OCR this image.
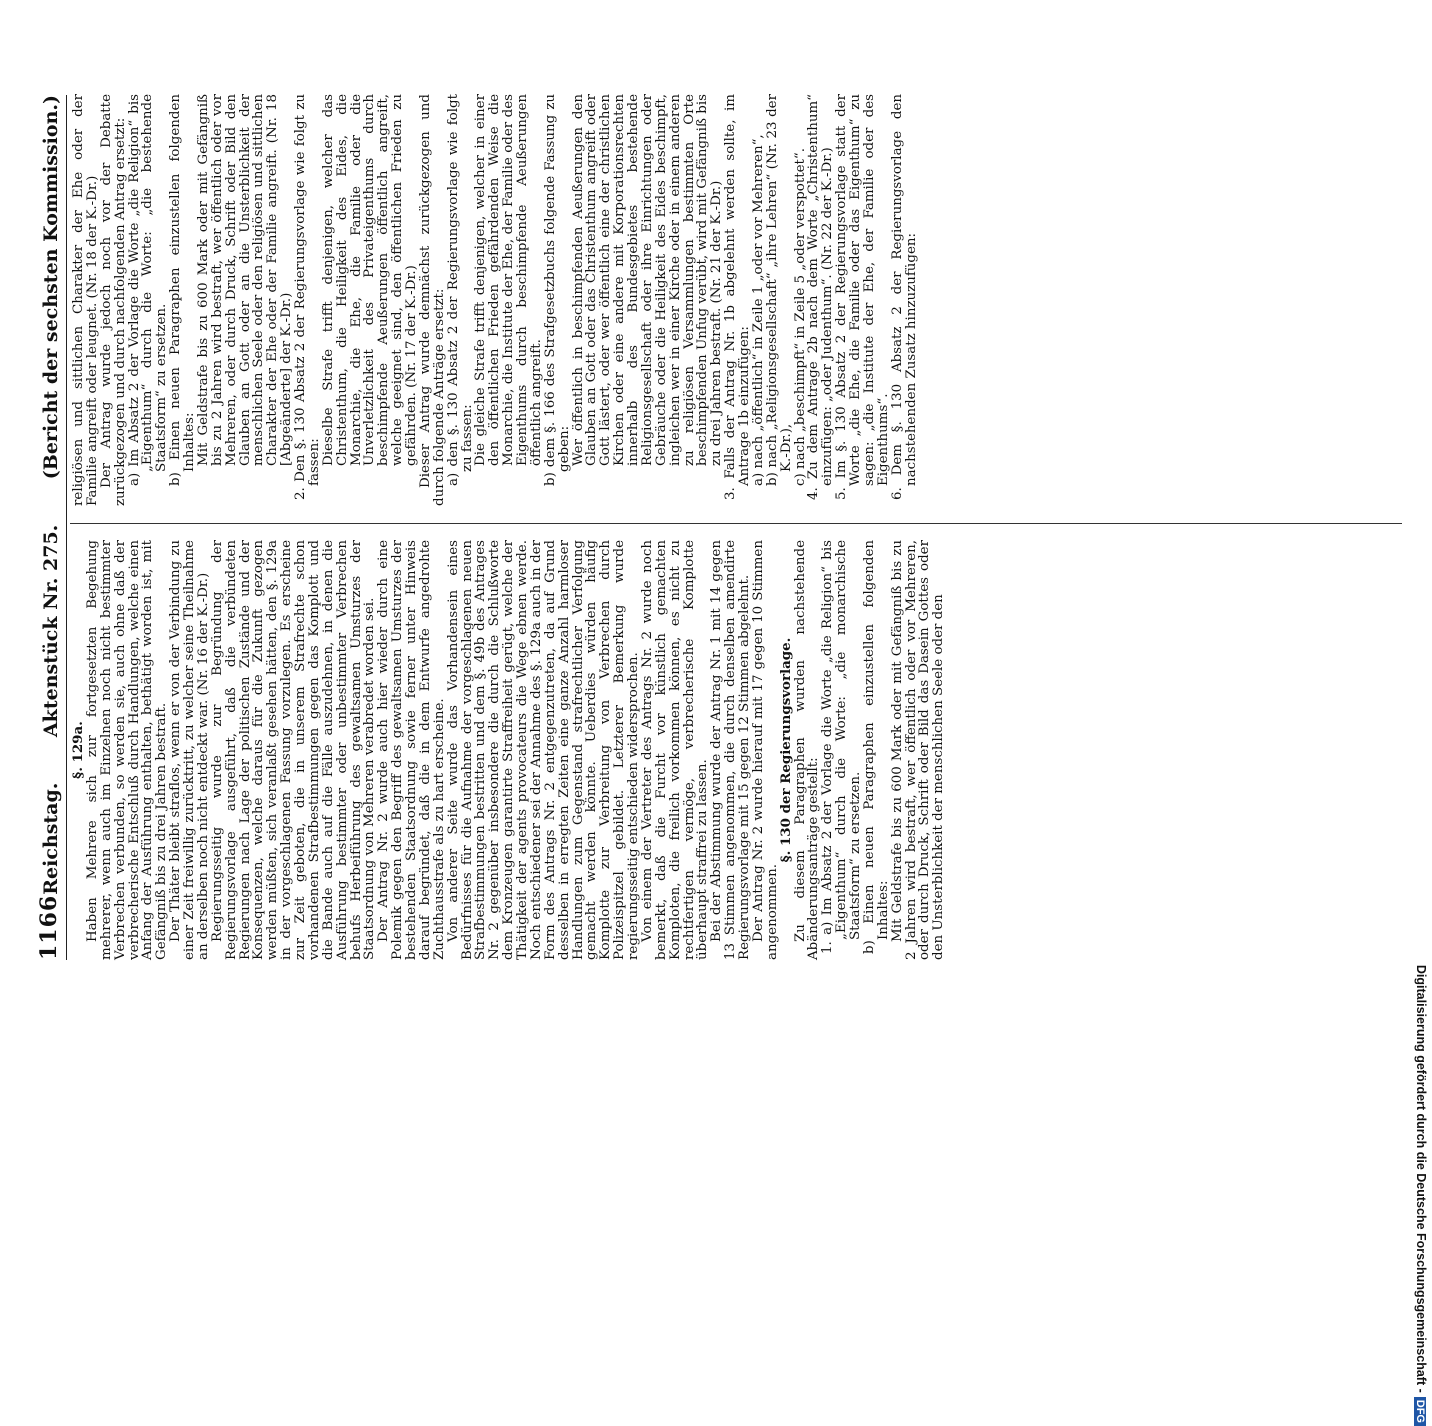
1166
Reichstag.
Aktenstück Nr. 275.
(Bericht der sechsten Kommission.)

§. 129a.

Haben Mehrere sich zur fortgesetzten Begehung mehrerer, wenn auch im Einzelnen noch nicht bestimmter Verbrechen verbunden, so werden sie, auch ohne daß der verbrecherische Entschluß durch Handlungen, welche einen Anfang der Ausführung enthalten, bethätigt worden ist, mit Gefängniß bis zu drei Jahren bestraft.

Der Thäter bleibt straflos, wenn er von der Verbindung zu einer Zeit freiwillig zurücktritt, zu welcher seine Theilnahme an derselben noch nicht entdeckt war. (Nr. 16 der K.-Dr.)

Regierungsseitig wurde zur Begründung der Regierungsvorlage ausgeführt, daß die verbündeten Regierungen nach Lage der politischen Zustände und der Konsequenzen, welche daraus für die Zukunft gezogen werden müßten, sich veranlaßt gesehen hätten, den §. 129a in der vorgeschlagenen Fassung vorzulegen. Es erscheine zur Zeit geboten, die in unserem Strafrechte schon vorhandenen Strafbestimmungen gegen das Komplott und die Bande auch auf die Fälle auszudehnen, in denen die Ausführung bestimmter oder unbestimmter Verbrechen behufs Herbeiführung des gewaltsamen Umsturzes der Staatsordnung von Mehreren verabredet worden sei.

Der Antrag Nr. 2 wurde auch hier wieder durch eine Polemik gegen den Begriff des gewaltsamen Umsturzes der bestehenden Staatsordnung sowie ferner unter Hinweis darauf begründet, daß die in dem Entwurfe angedrohte Zuchthausstrafe als zu hart erscheine.

Von anderer Seite wurde das Vorhandensein eines Bedürfnisses für die Aufnahme der vorgeschlagenen neuen Strafbestimmungen bestritten und dem §. 49b des Antrages Nr. 2 gegenüber insbesondere die durch die Schlußworte dem Kronzeugen garantirte Straffreiheit gerügt, welche der Thätigkeit der agents provocateurs die Wege ebnen werde. Noch entschiedener sei der Annahme des §. 129a auch in der Form des Antrags Nr. 2 entgegenzutreten, da auf Grund desselben in erregten Zeiten eine ganze Anzahl harmloser Handlungen zum Gegenstand strafrechtlicher Verfolgung gemacht werden könnte. Ueberdies würden häufig Komplotte zur Verbreitung von Verbrechen durch Polizeispitzel gebildet. Letzterer Bemerkung wurde regierungsseitig entschieden widersprochen.

Von einem der Vertreter des Antrags Nr. 2 wurde noch bemerkt, daß die Furcht vor künstlich gemachten Komploten, die freilich vorkommen können, es nicht zu rechtfertigen vermöge, verbrecherische Komplotte überhaupt straffrei zu lassen.

Bei der Abstimmung wurde der Antrag Nr. 1 mit 14 gegen 13 Stimmen angenommen, die durch denselben amendirte Regierungsvorlage mit 15 gegen 12 Stimmen abgelehnt.

Der Antrag Nr. 2 wurde hierauf mit 17 gegen 10 Stimmen angenommen.

§. 130 der Regierungsvorlage.

Zu diesem Paragraphen wurden nachstehende Abänderungsanträge gestellt:

1. a) Im Absatz 2 der Vorlage die Worte „die Religion“ bis „Eigenthum“ durch die Worte: „die monarchische Staatsform“ zu ersetzen.

b) Einen neuen Paragraphen einzustellen folgenden Inhaltes:

Mit Geldstrafe bis zu 600 Mark oder mit Gefängniß bis zu 2 Jahren wird bestraft, wer öffentlich oder vor Mehreren, oder durch Druck, Schrift oder Bild das Dasein Gottes oder den Unsterblichkeit der menschlichen Seele oder den

religiösen und sittlichen Charakter der Ehe oder der Familie angreift oder leugnet. (Nr. 18 der K.-Dr.)

Der Antrag wurde jedoch noch vor der Debatte zurückgezogen und durch nachfolgenden Antrag ersetzt:

a) Im Absatz 2 der Vorlage die Worte „die Religion“ bis „Eigenthum“ durch die Worte: „die bestehende Staatsform“ zu ersetzen.

b) Einen neuen Paragraphen einzustellen folgenden Inhaltes:

Mit Geldstrafe bis zu 600 Mark oder mit Gefängniß bis zu 2 Jahren wird bestraft, wer öffentlich oder vor Mehreren, oder durch Druck, Schrift oder Bild den Glauben an Gott oder an die Unsterblichkeit der menschlichen Seele oder den religiösen und sittlichen Charakter der Ehe oder der Familie angreift. (Nr. 18 [Abgeänderte] der K.-Dr.)

2. Den §. 130 Absatz 2 der Regierungsvorlage wie folgt zu fassen:

Dieselbe Strafe trifft denjenigen, welcher das Christenthum, die Heiligkeit des Eides, die Monarchie, die Ehe, die Familie oder die Unverletzlichkeit des Privateigenthums durch beschimpfende Aeußerungen öffentlich angreift, welche geeignet sind, den öffentlichen Frieden zu gefährden. (Nr. 17 der K.-Dr.)

Dieser Antrag wurde demnächst zurückgezogen und durch folgende Anträge ersetzt:

a) den §. 130 Absatz 2 der Regierungsvorlage wie folgt zu fassen:

Die gleiche Strafe trifft denjenigen, welcher in einer den öffentlichen Frieden gefährdenden Weise die Monarchie, die Institute der Ehe, der Familie oder des Eigenthums durch beschimpfende Aeußerungen öffentlich angreift.

b) dem §. 166 des Strafgesetzbuchs folgende Fassung zu geben:

Wer öffentlich in beschimpfenden Aeußerungen den Glauben an Gott oder das Christenthum angreift oder Gott lästert, oder wer öffentlich eine der christlichen Kirchen oder eine andere mit Korporationsrechten innerhalb des Bundesgebietes bestehende Religionsgesellschaft oder ihre Einrichtungen oder Gebräuche oder die Heiligkeit des Eides beschimpft, ingleichen wer in einer Kirche oder in einem anderen zu religiösen Versammlungen bestimmten Orte beschimpfenden Unfug verübt, wird mit Gefängniß bis zu drei Jahren bestraft. (Nr. 21 der K.-Dr.)

3. Falls der Antrag Nr. 1b abgelehnt werden sollte, im Antrage 1b einzufügen:

a) nach „öffentlich“ in Zeile 1 „oder vor Mehreren“,

b) nach „Religionsgesellschaft“ „ihre Lehren“ (Nr. 23 der K.-Dr.),

c) nach „beschimpft“ in Zeile 5 „oder verspottet“.

4. Zu dem Antrage 2b nach dem Worte „Christenthum“ einzufügen: „oder Judenthum“. (Nr. 22 der K.-Dr.)

5. Im §. 130 Absatz 2 der Regierungsvorlage statt der Worte „die Ehe, die Familie oder das Eigenthum“ zu sagen: „die Institute der Ehe, der Familie oder des Eigenthums“.

6. Dem §. 130 Absatz 2 der Regierungsvorlage den nachstehenden Zusatz hinzuzufügen:

Digitalisierung gefördert durch die Deutsche Forschungsgemeinschaft -DFG
